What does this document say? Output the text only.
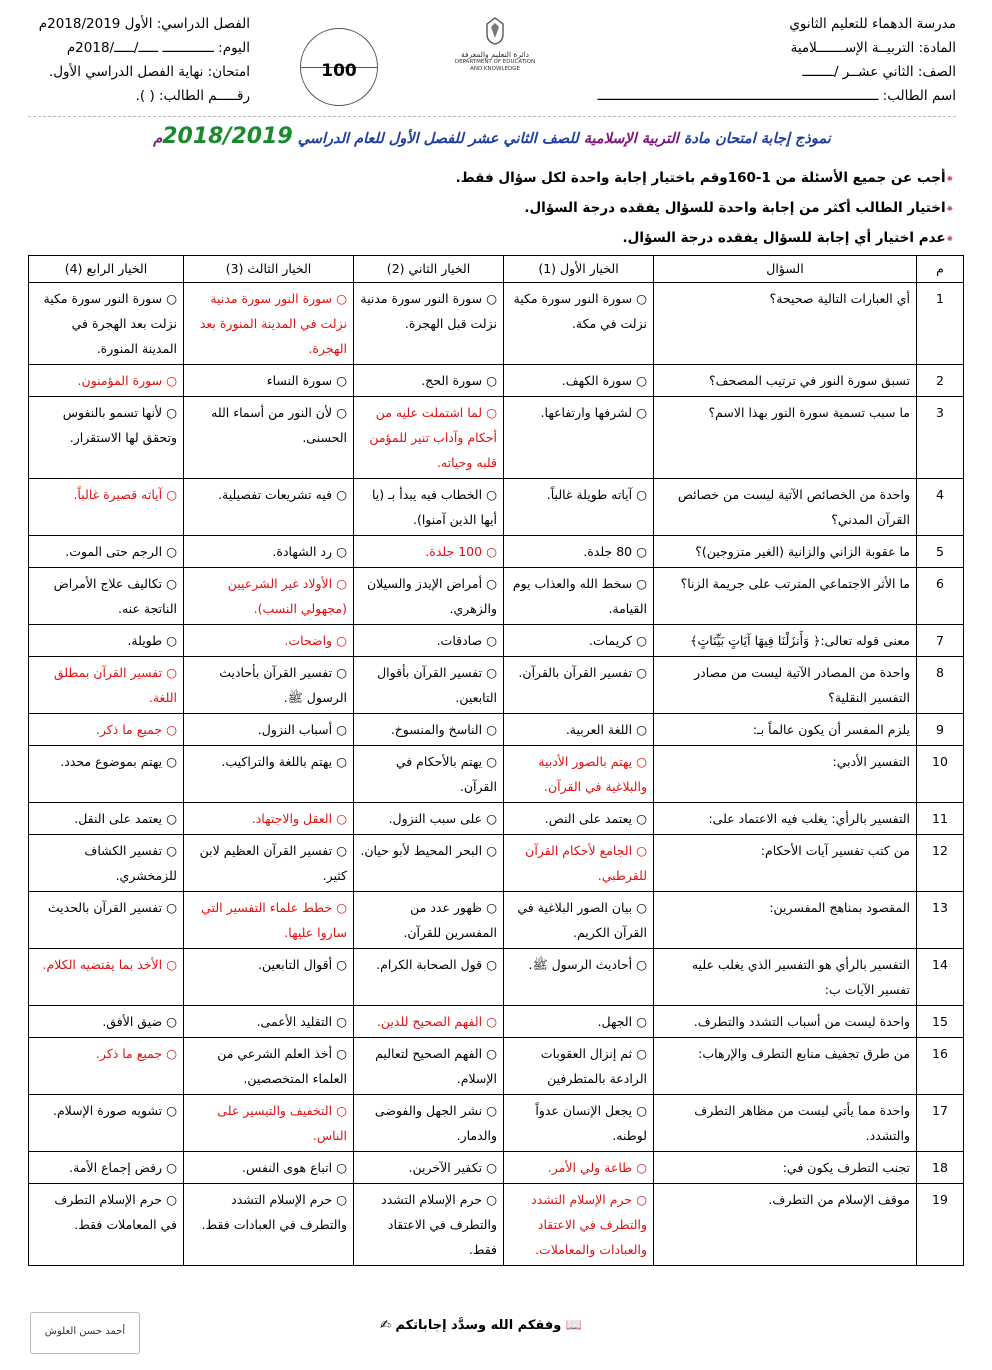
مدرسة الدهماء للتعليم الثانوي
المادة: التربيــة الإســـــــلامية
الصف: الثاني عشــر /ــــــــ
اسم الطالب: ـــــــــــــــــــــــــــــــــــــــــــــــــــــــــــــــــــــــ
دائرة التعليم والمعرفة
DEPARTMENT OF EDUCATION
AND KNOWLEDGE
100
الفصل الدراسي: الأول 2018/2019م
اليوم: ـــــــــــــ ـــــ/ـــــ/2018م
امتحان: نهاية الفصل الدراسي الأول.
رقـــــم الطالب: ( ).
نموذج إجابة امتحان مادة التربية الإسلامية للصف الثاني عشر للفصل الأول للعام الدراسي 2018/2019م
⁕أجب عن جميع الأسئلة من 1-160وقم باختيار إجابة واحدة لكل سؤال فقط.
⁕اختيار الطالب أكثر من إجابة واحدة للسؤال يفقده درجة السؤال.
⁕عدم اختيار أي إجابة للسؤال يفقده درجة السؤال.
م	السؤال	الخيار الأول (1)	الخيار الثاني (2)	الخيار الثالث (3)	الخيار الرابع (4)
1	أي العبارات التالية صحيحة؟	○ سورة النور سورة مكية نزلت في مكة.	○ سورة النور سورة مدنية نزلت قبل الهجرة.	○ سورة النور سورة مدنية نزلت في المدينة المنورة بعد الهجرة.	○ سورة النور سورة مكية نزلت بعد الهجرة في المدينة المنورة.
2	تسبق سورة النور في ترتيب المصحف؟	○ سورة الكهف.	○ سورة الحج.	○ سورة النساء	○ سورة المؤمنون.
3	ما سبب تسمية سورة النور بهذا الاسم؟	○ لشرفها وارتفاعها.	○ لما اشتملت عليه من أحكام وآداب تنير للمؤمن قلبه وحياته.	○ لأن النور من أسماء الله الحسنى.	○ لأنها تسمو بالنفوس وتحقق لها الاستقرار.
4	واحدة من الخصائص الآتية ليست من خصائص القرآن المدني؟	○ آياته طويلة غالباً.	○ الخطاب فيه يبدأ بـ (يا أيها الذين آمنوا).	○ فيه تشريعات تفصيلية.	○ آياته قصيرة غالباً.
5	ما عقوبة الزاني والزانية (الغير متزوجين)؟	○ 80 جلدة.	○ 100 جلدة.	○ رد الشهادة.	○ الرجم حتى الموت.
6	ما الأثر الاجتماعي المترتب على جريمة الزنا؟	○ سخط الله والعذاب يوم القيامة.	○ أمراض الإيدز والسيلان والزهري.	○ الأولاد غير الشرعيين (مجهولي النسب).	○ تكاليف علاج الأمراض الناتجة عنه.
7	معنى قوله تعالى:﴿ وَأَنزَلْنَا فِيهَا آيَاتٍ بَيِّنَاتٍ﴾	○ كريمات.	○ صادقات.	○ واضحات.	○ طويلة.
8	واحدة من المصادر الآتية ليست من مصادر التفسير النقلية؟	○ تفسير القرآن بالقرآن.	○ تفسير القرآن بأقوال التابعين.	○ تفسير القرآن بأحاديث الرسول ﷺ.	○ تفسير القرآن بمطلق اللغة.
9	يلزم المفسر أن يكون عالماً بـ:	○ اللغة العربية.	○ الناسخ والمنسوخ.	○ أسباب النزول.	○ جميع ما ذكر.
10	التفسير الأدبي:	○ يهتم بالصور الأدبية والبلاغية في القرآن.	○ يهتم بالأحكام في القرآن.	○ يهتم باللغة والتراكيب.	○ يهتم بموضوع محدد.
11	التفسير بالرأي: يغلب فيه الاعتماد على:	○ يعتمد على النص.	○ على سبب النزول.	○ العقل والاجتهاد.	○ يعتمد على النقل.
12	من كتب تفسير آيات الأحكام:	○ الجامع لأحكام القرآن للقرطبي.	○ البحر المحيط لأبو حيان.	○ تفسير القرآن العظيم لابن كثير.	○ تفسير الكشاف للزمخشري.
13	المقصود بمناهج المفسرين:	○ بيان الصور البلاغية في القرآن الكريم.	○ ظهور عدد من المفسرين للقرآن.	○ خطط علماء التفسير التي ساروا عليها.	○ تفسير القرآن بالحديث
14	التفسير بالرأي هو التفسير الذي يغلب عليه تفسير الآيات ب:	○ أحاديث الرسول ﷺ.	○ قول الصحابة الكرام.	○ أقوال التابعين.	○ الأخذ بما يقتضيه الكلام.
15	واحدة ليست من أسباب التشدد والتطرف.	○ الجهل.	○ الفهم الصحيح للدين.	○ التقليد الأعمى.	○ ضيق الأفق.
16	من طرق تجفيف منابع التطرف والإرهاب:	○ ثم إنزال العقوبات الرادعة بالمتطرفين	○ الفهم الصحيح لتعاليم الإسلام.	○ أخذ العلم الشرعي من العلماء المتخصصين.	○ جميع ما ذكر.
17	واحدة مما يأتي ليست من مظاهر التطرف والتشدد.	○ يجعل الإنسان عدواً لوطنه.	○ نشر الجهل والفوضى والدمار.	○ التخفيف والتيسير على الناس.	○ تشويه صورة الإسلام.
18	تجنب التطرف يكون في:	○ طاعة ولي الأمر.	○ تكفير الآخرين.	○ اتباع هوى النفس.	○ رفض إجماع الأمة.
19	موقف الإسلام من التطرف.	○ حرم الإسلام التشدد والتطرف في الاعتقاد والعبادات والمعاملات.	○ حرم الإسلام التشدد والتطرف في الاعتقاد فقط.	○ حرم الإسلام التشدد والتطرف في العبادات فقط.	○ حرم الإسلام التطرف في المعاملات فقط.
📖 وفقكم الله وسدَّد إجاباتكم ✍
أحمد حسن العلوش
